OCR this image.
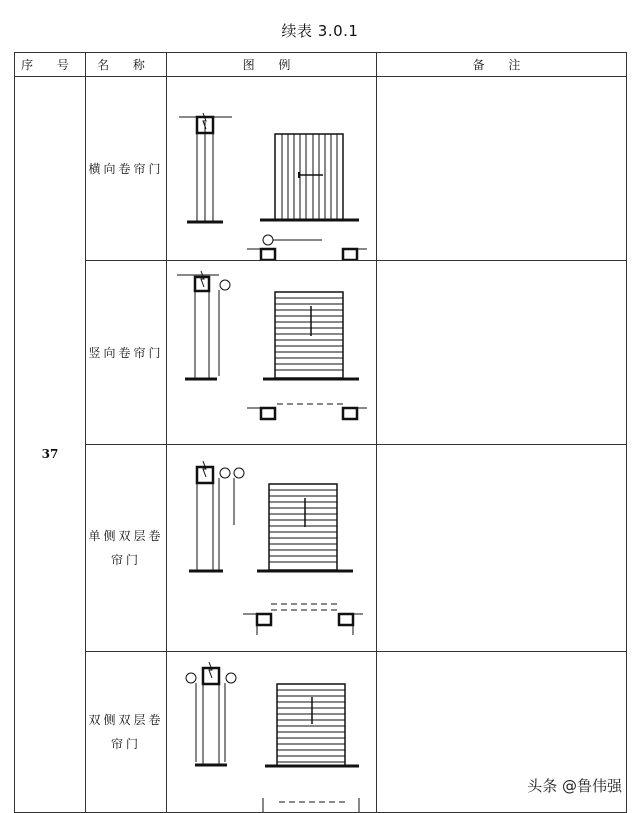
续表 3.0.1
序 号	名 称	图 例	备 注

37	横向卷帘门	

	竖向卷帘门	

	单侧双层卷帘门	

	双侧双层卷帘门	

头条 @鲁伟强
